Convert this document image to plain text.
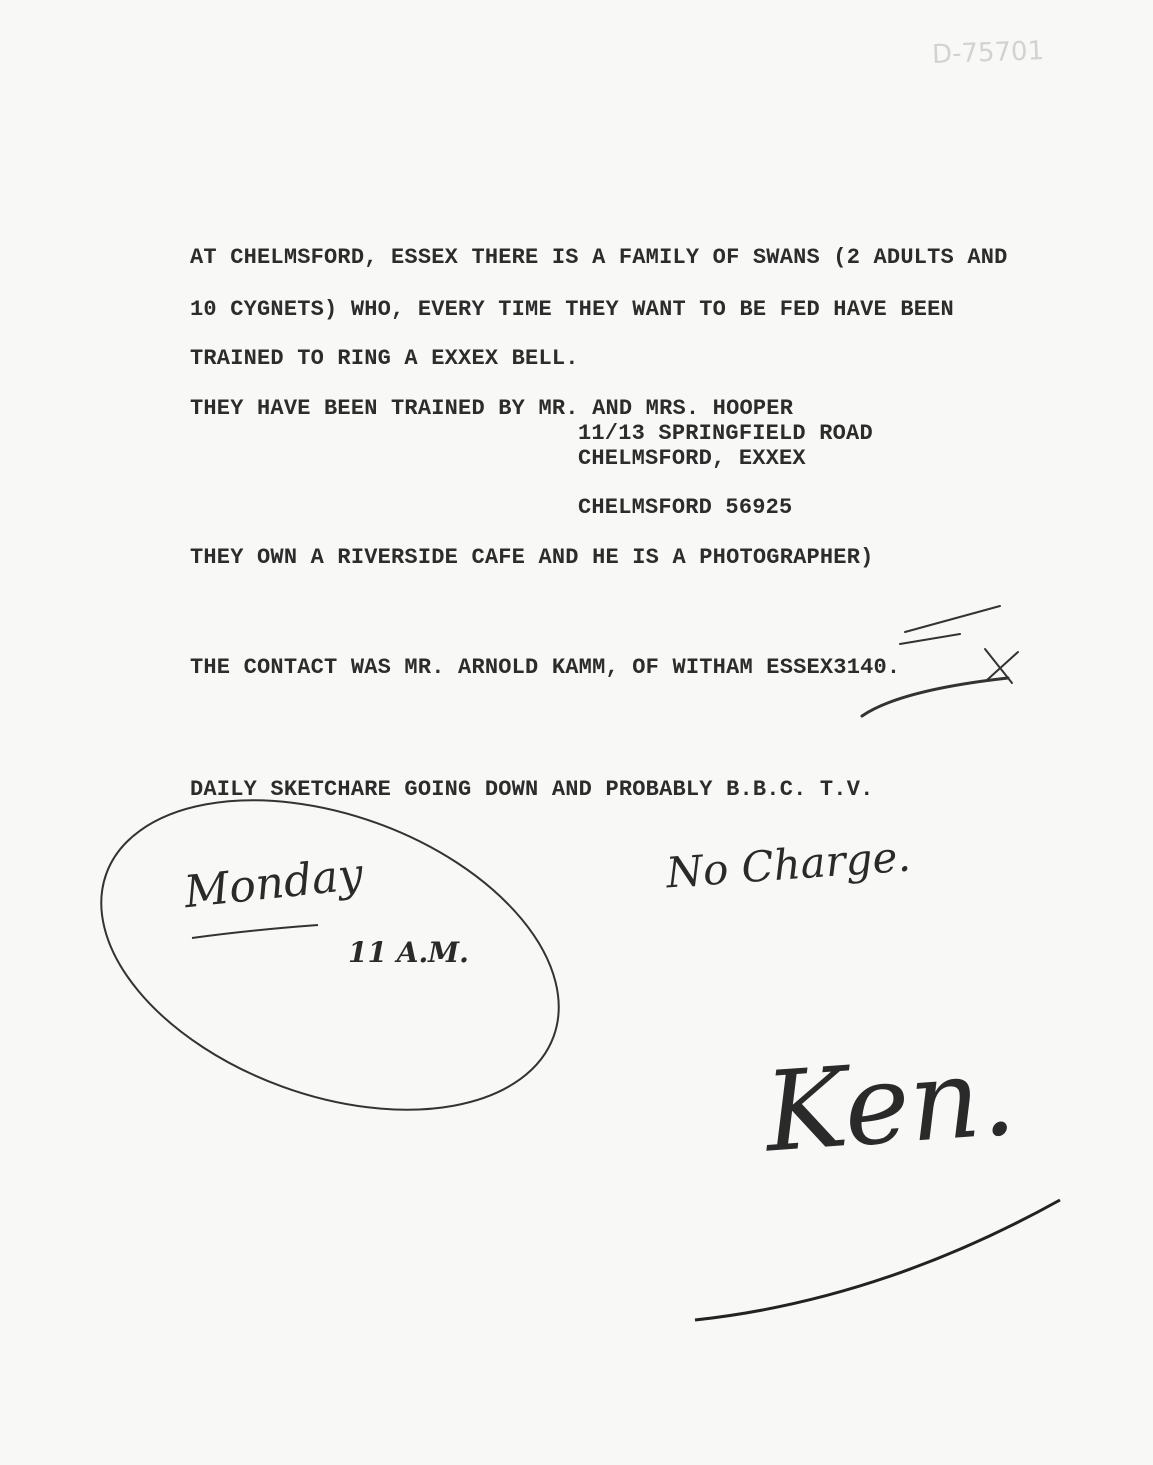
D-75701

AT CHELMSFORD, ESSEX THERE IS A FAMILY OF SWANS (2 ADULTS AND

10 CYGNETS) WHO, EVERY TIME THEY WANT TO BE FED HAVE BEEN

TRAINED TO RING A EXXEX BELL.

THEY HAVE BEEN TRAINED BY MR. AND MRS. HOOPER

11/13 SPRINGFIELD ROAD

CHELMSFORD, EXXEX

CHELMSFORD 56925

THEY OWN A RIVERSIDE CAFE AND HE IS A PHOTOGRAPHER)

THE CONTACT WAS MR. ARNOLD KAMM, OF WITHAM ESSEX3140.

DAILY SKETCHARE GOING DOWN AND PROBABLY B.B.C. T.V.

Monday
11 A.M.
No Charge.
Ken.
